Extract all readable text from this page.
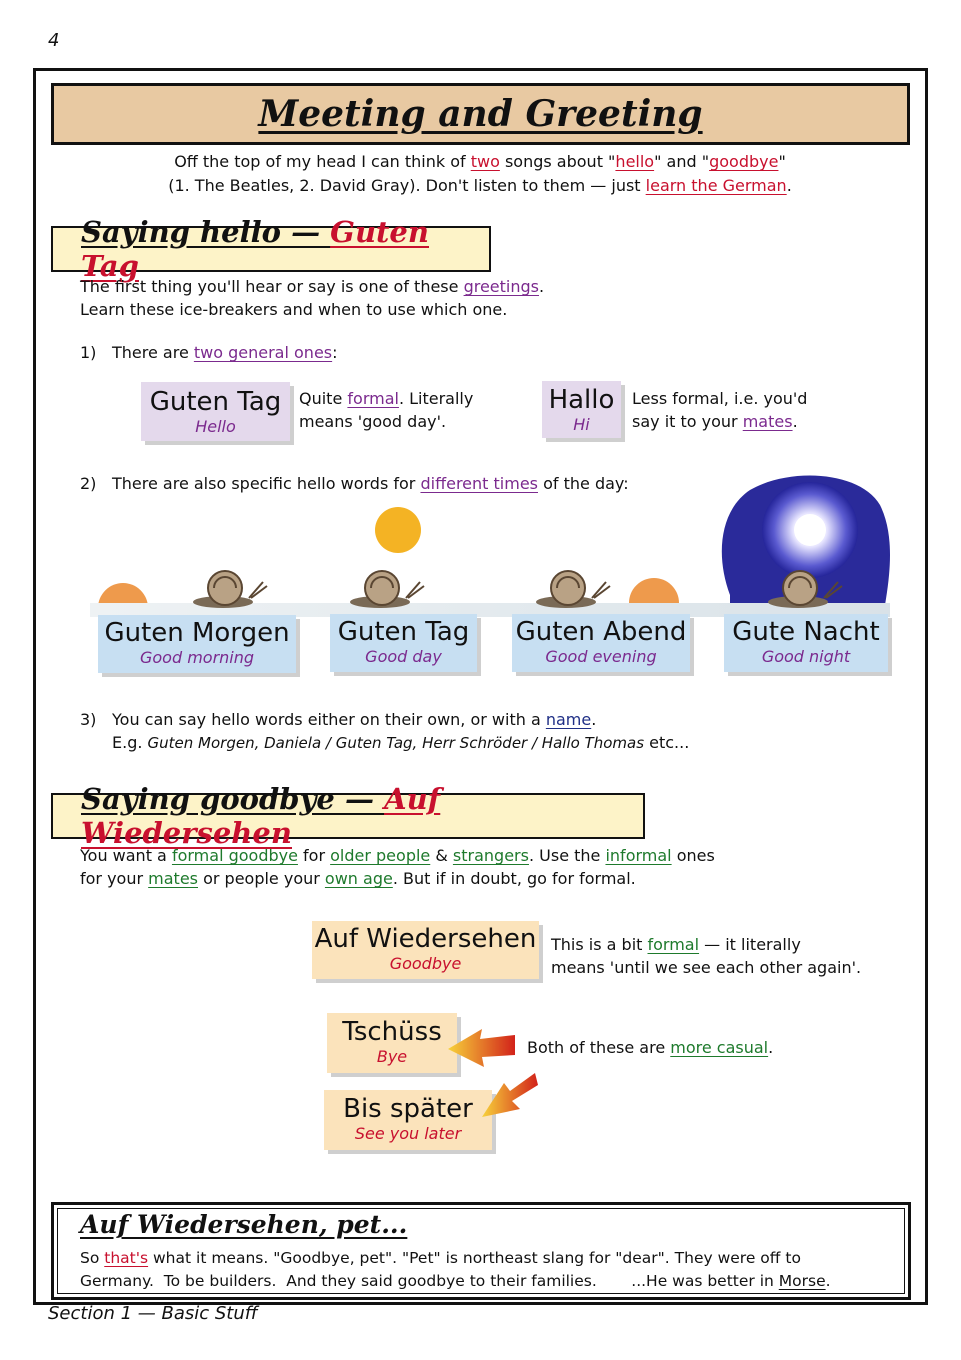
4
Meeting and Greeting
Off the top of my head I can think of two songs about "hello" and "goodbye"
(1. The Beatles, 2. David Gray). Don't listen to them — just learn the German.
Saying hello — Guten Tag
The first thing you'll hear or say is one of these greetings.
Learn these ice-breakers and when to use which one.
1) There are two general ones:
Guten Tag
Hello
Quite formal. Literally
means 'good day'.
Hallo
Hi
Less formal, i.e. you'd
say it to your mates.
2) There are also specific hello words for different times of the day:
Guten Morgen
Good morning
Guten Tag
Good day
Guten Abend
Good evening
Gute Nacht
Good night
3) You can say hello words either on their own, or with a name.
E.g. Guten Morgen, Daniela / Guten Tag, Herr Schröder / Hallo Thomas etc...
Saying goodbye — Auf Wiedersehen
You want a formal goodbye for older people & strangers. Use the informal ones
for your mates or people your own age. But if in doubt, go for formal.
Auf Wiedersehen
Goodbye
This is a bit formal — it literally
means 'until we see each other again'.
Tschüss
Bye
Bis später
See you later
Both of these are more casual.
Auf Wiedersehen, pet...
So that's what it means. "Goodbye, pet". "Pet" is northeast slang for "dear". They were off to
Germany.  To be builders.  And they said goodbye to their families.       ...He was better in Morse.
Section 1 — Basic Stuff
